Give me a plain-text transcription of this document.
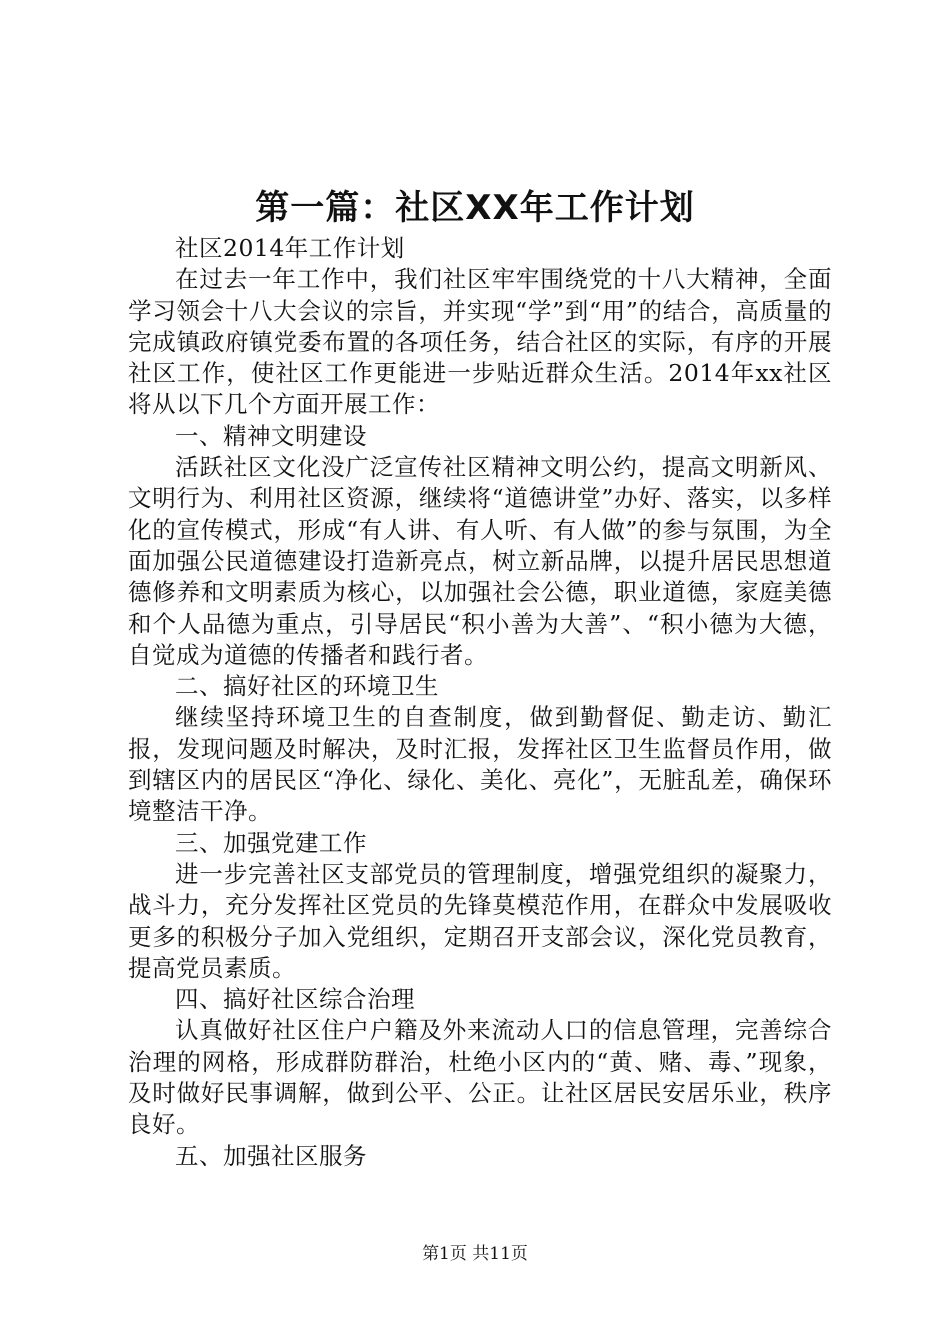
第一篇：社区XX年工作计划

社区2014年工作计划

在过去一年工作中，我们社区牢牢围绕党的十八大精神，全面学习领会十八大会议的宗旨，并实现“学”到“用”的结合，高质量的完成镇政府镇党委布置的各项任务，结合社区的实际，有序的开展社区工作，使社区工作更能进一步贴近群众生活。2014年xx社区将从以下几个方面开展工作：

一、精神文明建设

活跃社区文化没广泛宣传社区精神文明公约，提高文明新风、文明行为、利用社区资源，继续将“道德讲堂”办好、落实，以多样化的宣传模式，形成“有人讲、有人听、有人做”的参与氛围，为全面加强公民道德建设打造新亮点，树立新品牌，以提升居民思想道德修养和文明素质为核心，以加强社会公德，职业道德，家庭美德和个人品德为重点，引导居民“积小善为大善”、“积小德为大德，自觉成为道德的传播者和践行者。

二、搞好社区的环境卫生

继续坚持环境卫生的自查制度，做到勤督促、勤走访、勤汇报，发现问题及时解决，及时汇报，发挥社区卫生监督员作用，做到辖区内的居民区“净化、绿化、美化、亮化”，无脏乱差，确保环境整洁干净。

三、加强党建工作

进一步完善社区支部党员的管理制度，增强党组织的凝聚力，战斗力，充分发挥社区党员的先锋莫模范作用，在群众中发展吸收更多的积极分子加入党组织，定期召开支部会议，深化党员教育，提高党员素质。

四、搞好社区综合治理

认真做好社区住户户籍及外来流动人口的信息管理，完善综合治理的网格，形成群防群治，杜绝小区内的“黄、赌、毒、”现象，及时做好民事调解，做到公平、公正。让社区居民安居乐业，秩序良好。

五、加强社区服务

第1页 共11页
